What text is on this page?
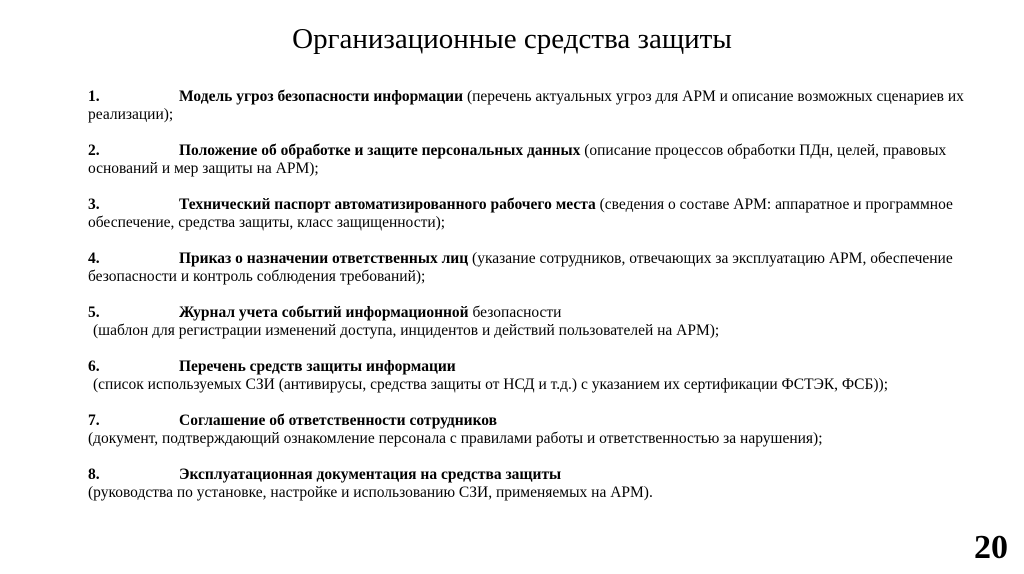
Организационные средства защиты
1.	Модель угроз безопасности информации (перечень актуальных угроз для АРМ и описание возможных сценариев их реализации);
2.	Положение об обработке и защите персональных данных (описание процессов обработки ПДн, целей, правовых оснований и мер защиты на АРМ);
3.	Технический паспорт автоматизированного рабочего места (сведения о составе АРМ: аппаратное и программное обеспечение, средства защиты, класс защищенности);
4.	Приказ о назначении ответственных лиц (указание сотрудников, отвечающих за эксплуатацию АРМ, обеспечение безопасности и контроль соблюдения требований);
5.	Журнал учета событий информационной безопасности
(шаблон для регистрации изменений доступа, инцидентов и действий пользователей на АРМ);
6.	Перечень средств защиты информации
(список используемых СЗИ (антивирусы, средства защиты от НСД и т.д.) с указанием их сертификации ФСТЭК, ФСБ));
7.	Соглашение об ответственности сотрудников
(документ, подтверждающий ознакомление персонала с правилами работы и ответственностью за нарушения);
8.	Эксплуатационная документация на средства защиты
(руководства по установке, настройке и использованию СЗИ, применяемых на АРМ).
20
